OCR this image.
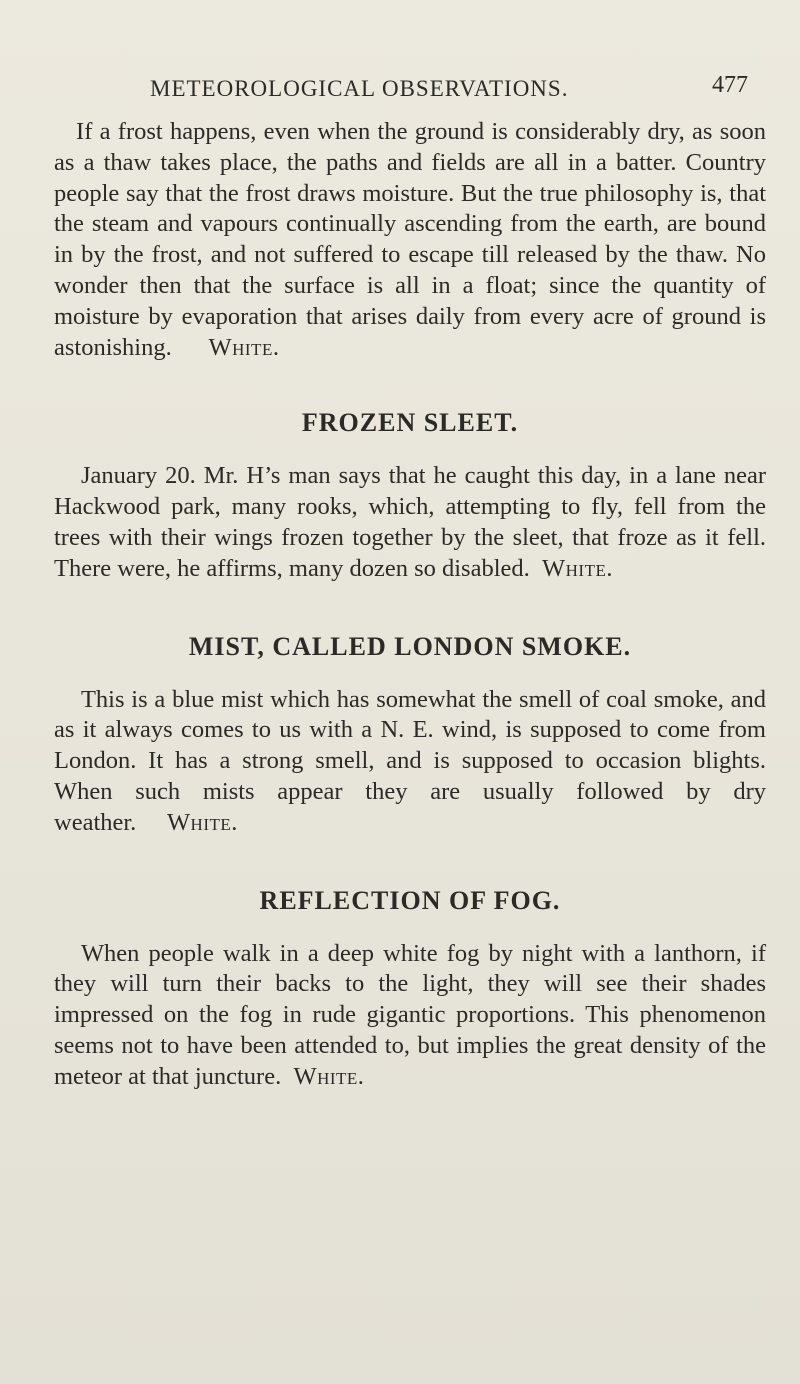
METEOROLOGICAL OBSERVATIONS.	477

If a frost happens, even when the ground is considerably dry, as soon as a thaw takes place, the paths and fields are all in a batter. Country people say that the frost draws moisture. But the true philosophy is, that the steam and vapours continually ascending from the earth, are bound in by the frost, and not suffered to escape till released by the thaw. No wonder then that the surface is all in a float; since the quantity of moisture by evaporation that arises daily from every acre of ground is astonishing. White.

FROZEN SLEET.

January 20. Mr. H’s man says that he caught this day, in a lane near Hackwood park, many rooks, which, attempting to fly, fell from the trees with their wings frozen together by the sleet, that froze as it fell. There were, he affirms, many dozen so disabled. White.

MIST, CALLED LONDON SMOKE.

This is a blue mist which has somewhat the smell of coal smoke, and as it always comes to us with a N. E. wind, is supposed to come from London. It has a strong smell, and is supposed to occasion blights. When such mists appear they are usually followed by dry weather. White.

REFLECTION OF FOG.

When people walk in a deep white fog by night with a lanthorn, if they will turn their backs to the light, they will see their shades impressed on the fog in rude gigantic proportions. This phenomenon seems not to have been attended to, but implies the great density of the meteor at that juncture. White.
